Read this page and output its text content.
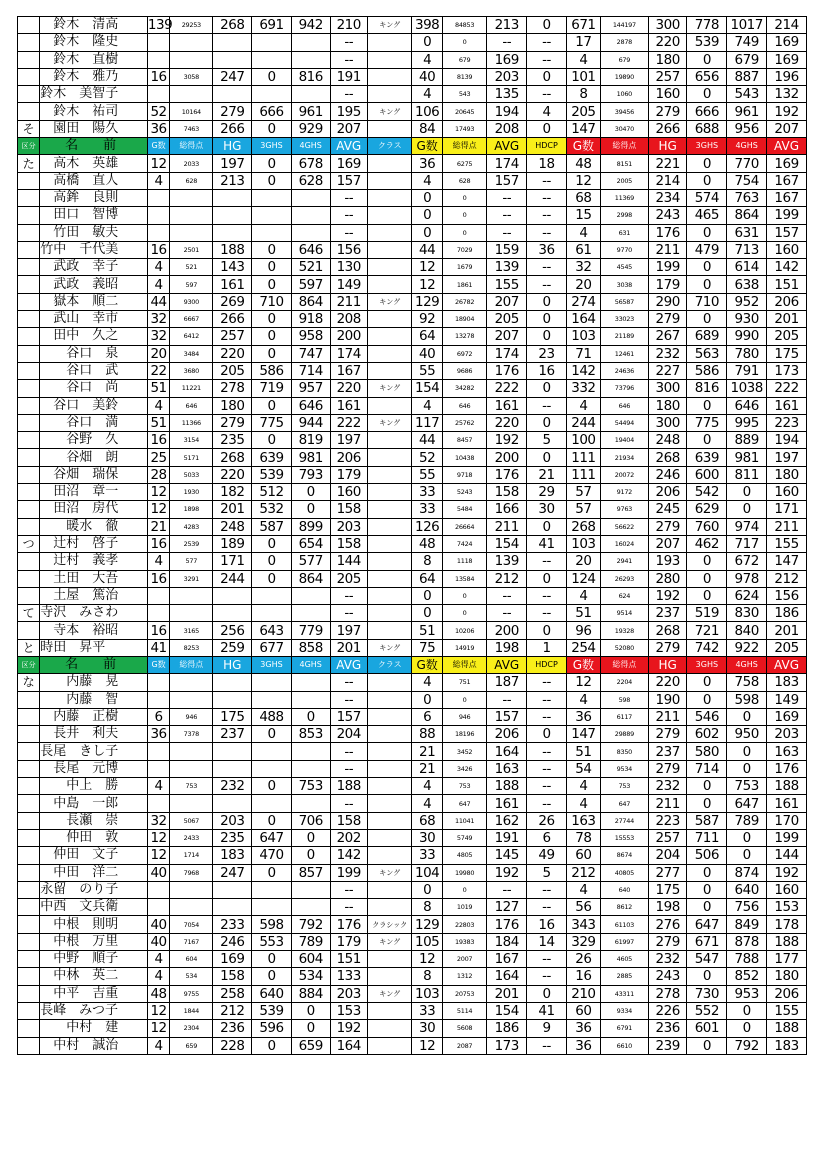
	　鈴木　清高	139	29253	268	691	942	210	キング	398	84853	213	0	671	144197	300	778	1017	214
	　鈴木　隆史						--		0	0	--	--	17	2878	220	539	749	169
	　鈴木　直樹						--		4	679	169	--	4	679	180	0	679	169
	　鈴木　雅乃	16	3058	247	0	816	191		40	8139	203	0	101	19890	257	656	887	196
	鈴木　美智子						--		4	543	135	--	8	1060	160	0	543	132
	　鈴木　祐司	52	10164	279	666	961	195	キング	106	20645	194	4	205	39456	279	666	961	192
そ	　園田　陽久	36	7463	266	0	929	207		84	17493	208	0	147	30470	266	688	956	207
区分	名　前	G数	総得点	HG	3GHS	4GHS	AVG	クラス	G数	総得点	AVG	HDCP	G数	総得点	HG	3GHS	4GHS	AVG
た	　高木　英雄	12	2033	197	0	678	169		36	6275	174	18	48	8151	221	0	770	169
	　高橋　直人	4	628	213	0	628	157		4	628	157	--	12	2005	214	0	754	167
	　高鉾　良則						--		0	0	--	--	68	11369	234	574	763	167
	　田口　智博						--		0	0	--	--	15	2998	243	465	864	199
	　竹田　敏夫						--		0	0	--	--	4	631	176	0	631	157
	竹中　千代美	16	2501	188	0	646	156		44	7029	159	36	61	9770	211	479	713	160
	　武政　幸子	4	521	143	0	521	130		12	1679	139	--	32	4545	199	0	614	142
	　武政　義昭	4	597	161	0	597	149		12	1861	155	--	20	3038	179	0	638	151
	　嶽本　順二	44	9300	269	710	864	211	キング	129	26782	207	0	274	56587	290	710	952	206
	　武山　幸市	32	6667	266	0	918	208		92	18904	205	0	164	33023	279	0	930	201
	　田中　久之	32	6412	257	0	958	200		64	13278	207	0	103	21189	267	689	990	205
	　　谷口　泉	20	3484	220	0	747	174		40	6972	174	23	71	12461	232	563	780	175
	　　谷口　武	22	3680	205	586	714	167		55	9686	176	16	142	24636	227	586	791	173
	　　谷口　尚	51	11221	278	719	957	220	キング	154	34282	222	0	332	73796	300	816	1038	222
	　谷口　美鈴	4	646	180	0	646	161		4	646	161	--	4	646	180	0	646	161
	　　谷口　満	51	11366	279	775	944	222	キング	117	25762	220	0	244	54494	300	775	995	223
	　　谷野　久	16	3154	235	0	819	197		44	8457	192	5	100	19404	248	0	889	194
	　　谷畑　朗	25	5171	268	639	981	206		52	10438	200	0	111	21934	268	639	981	197
	　谷畑　瑞保	28	5033	220	539	793	179		55	9718	176	21	111	20072	246	600	811	180
	　田沼　章一	12	1930	182	512	0	160		33	5243	158	29	57	9172	206	542	0	160
	　田沼　房代	12	1898	201	532	0	158		33	5484	166	30	57	9763	245	629	0	171
	　　暖水　徹	21	4283	248	587	899	203		126	26664	211	0	268	56622	279	760	974	211
つ	　辻村　啓子	16	2539	189	0	654	158		48	7424	154	41	103	16024	207	462	717	155
	　辻村　義孝	4	577	171	0	577	144		8	1118	139	--	20	2941	193	0	672	147
	　土田　大吾	16	3291	244	0	864	205		64	13584	212	0	124	26293	280	0	978	212
	　土屋　篤治						--		0	0	--	--	4	624	192	0	624	156
て	寺沢　みさわ						--		0	0	--	--	51	9514	237	519	830	186
	　寺本　裕昭	16	3165	256	643	779	197		51	10206	200	0	96	19328	268	721	840	201
と	時田　昇平	41	8253	259	677	858	201	キング	75	14919	198	1	254	52080	279	742	922	205
区分	名　前	G数	総得点	HG	3GHS	4GHS	AVG	クラス	G数	総得点	AVG	HDCP	G数	総得点	HG	3GHS	4GHS	AVG
な	　　内藤　晃						--		4	751	187	--	12	2204	220	0	758	183
	　　内藤　智						--		0	0	--	--	4	598	190	0	598	149
	　内藤　正樹	6	946	175	488	0	157		6	946	157	--	36	6117	211	546	0	169
	　長井　利夫	36	7378	237	0	853	204		88	18196	206	0	147	29889	279	602	950	203
	長尾　きし子						--		21	3452	164	--	51	8350	237	580	0	163
	　長尾　元博						--		21	3426	163	--	54	9534	279	714	0	176
	　　中上　勝	4	753	232	0	753	188		4	753	188	--	4	753	232	0	753	188
	　中島　一郎						--		4	647	161	--	4	647	211	0	647	161
	　　長瀬　崇	32	5067	203	0	706	158		68	11041	162	26	163	27744	223	587	789	170
	　　仲田　敦	12	2433	235	647	0	202		30	5749	191	6	78	15553	257	711	0	199
	　仲田　文子	12	1714	183	470	0	142		33	4805	145	49	60	8674	204	506	0	144
	　中田　洋二	40	7968	247	0	857	199	キング	104	19980	192	5	212	40805	277	0	874	192
	永留　のり子						--		0	0	--	--	4	640	175	0	640	160
	中西　文兵衛						--		8	1019	127	--	56	8612	198	0	756	153
	　中根　則明	40	7054	233	598	792	176	クラシック	129	22803	176	16	343	61103	276	647	849	178
	　中根　万里	40	7167	246	553	789	179	キング	105	19383	184	14	329	61997	279	671	878	188
	　中野　順子	4	604	169	0	604	151		12	2007	167	--	26	4605	232	547	788	177
	　中林　英二	4	534	158	0	534	133		8	1312	164	--	16	2885	243	0	852	180
	　中平　吉重	48	9755	258	640	884	203	キング	103	20753	201	0	210	43311	278	730	953	206
	長峰　みつ子	12	1844	212	539	0	153		33	5114	154	41	60	9334	226	552	0	155
	　　中村　建	12	2304	236	596	0	192		30	5608	186	9	36	6791	236	601	0	188
	　中村　誠治	4	659	228	0	659	164		12	2087	173	--	36	6610	239	0	792	183
